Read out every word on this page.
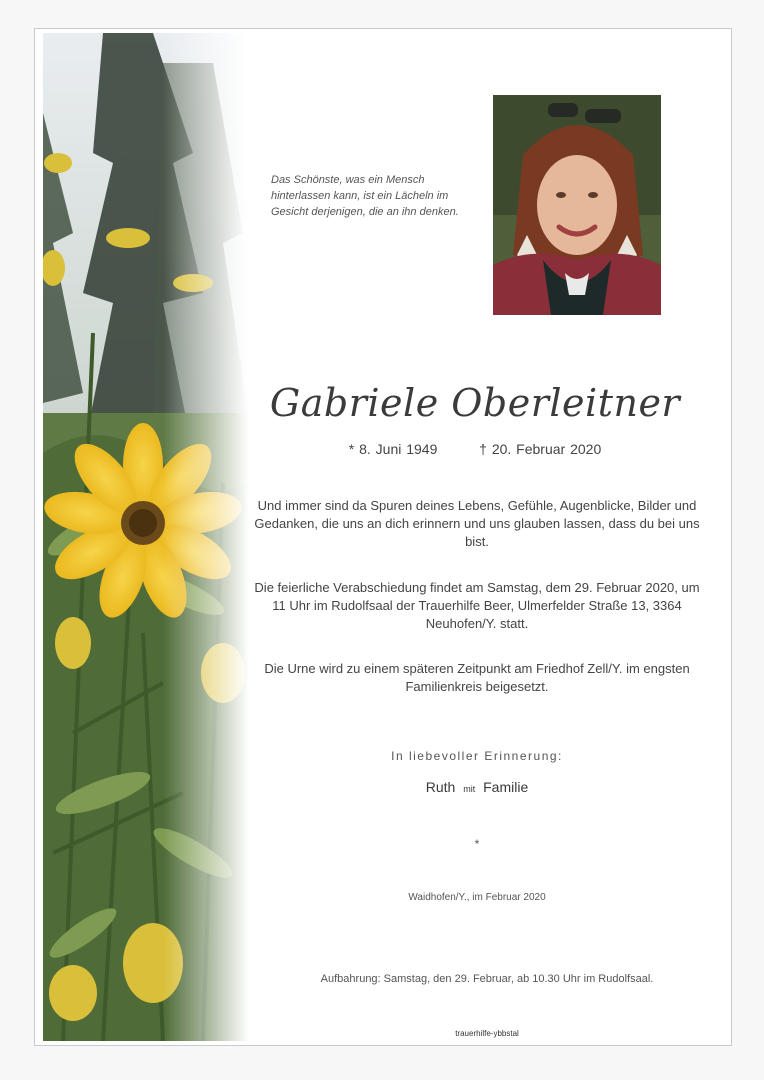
Das Schönste, was ein Mensch hinterlassen kann, ist ein Lächeln im Gesicht derjenigen, die an ihn denken.
Gabriele Oberleitner
* 8. Juni 1949	† 20. Februar 2020
Und immer sind da Spuren deines Lebens, Gefühle, Augenblicke, Bilder und Gedanken, die uns an dich erinnern und uns glauben lassen, dass du bei uns bist.
Die feierliche Verabschiedung findet am Samstag, dem 29. Februar 2020, um 11 Uhr im Rudolfsaal der Trauerhilfe Beer, Ulmerfelder Straße 13, 3364 Neuhofen/Y. statt.
Die Urne wird zu einem späteren Zeitpunkt am Friedhof Zell/Y. im engsten Familienkreis beigesetzt.
In liebevoller Erinnerung:
Ruth mit Familie
*
Waidhofen/Y., im Februar 2020
Aufbahrung: Samstag, den 29. Februar, ab 10.30 Uhr im Rudolfsaal.
trauerhilfe-ybbstal
